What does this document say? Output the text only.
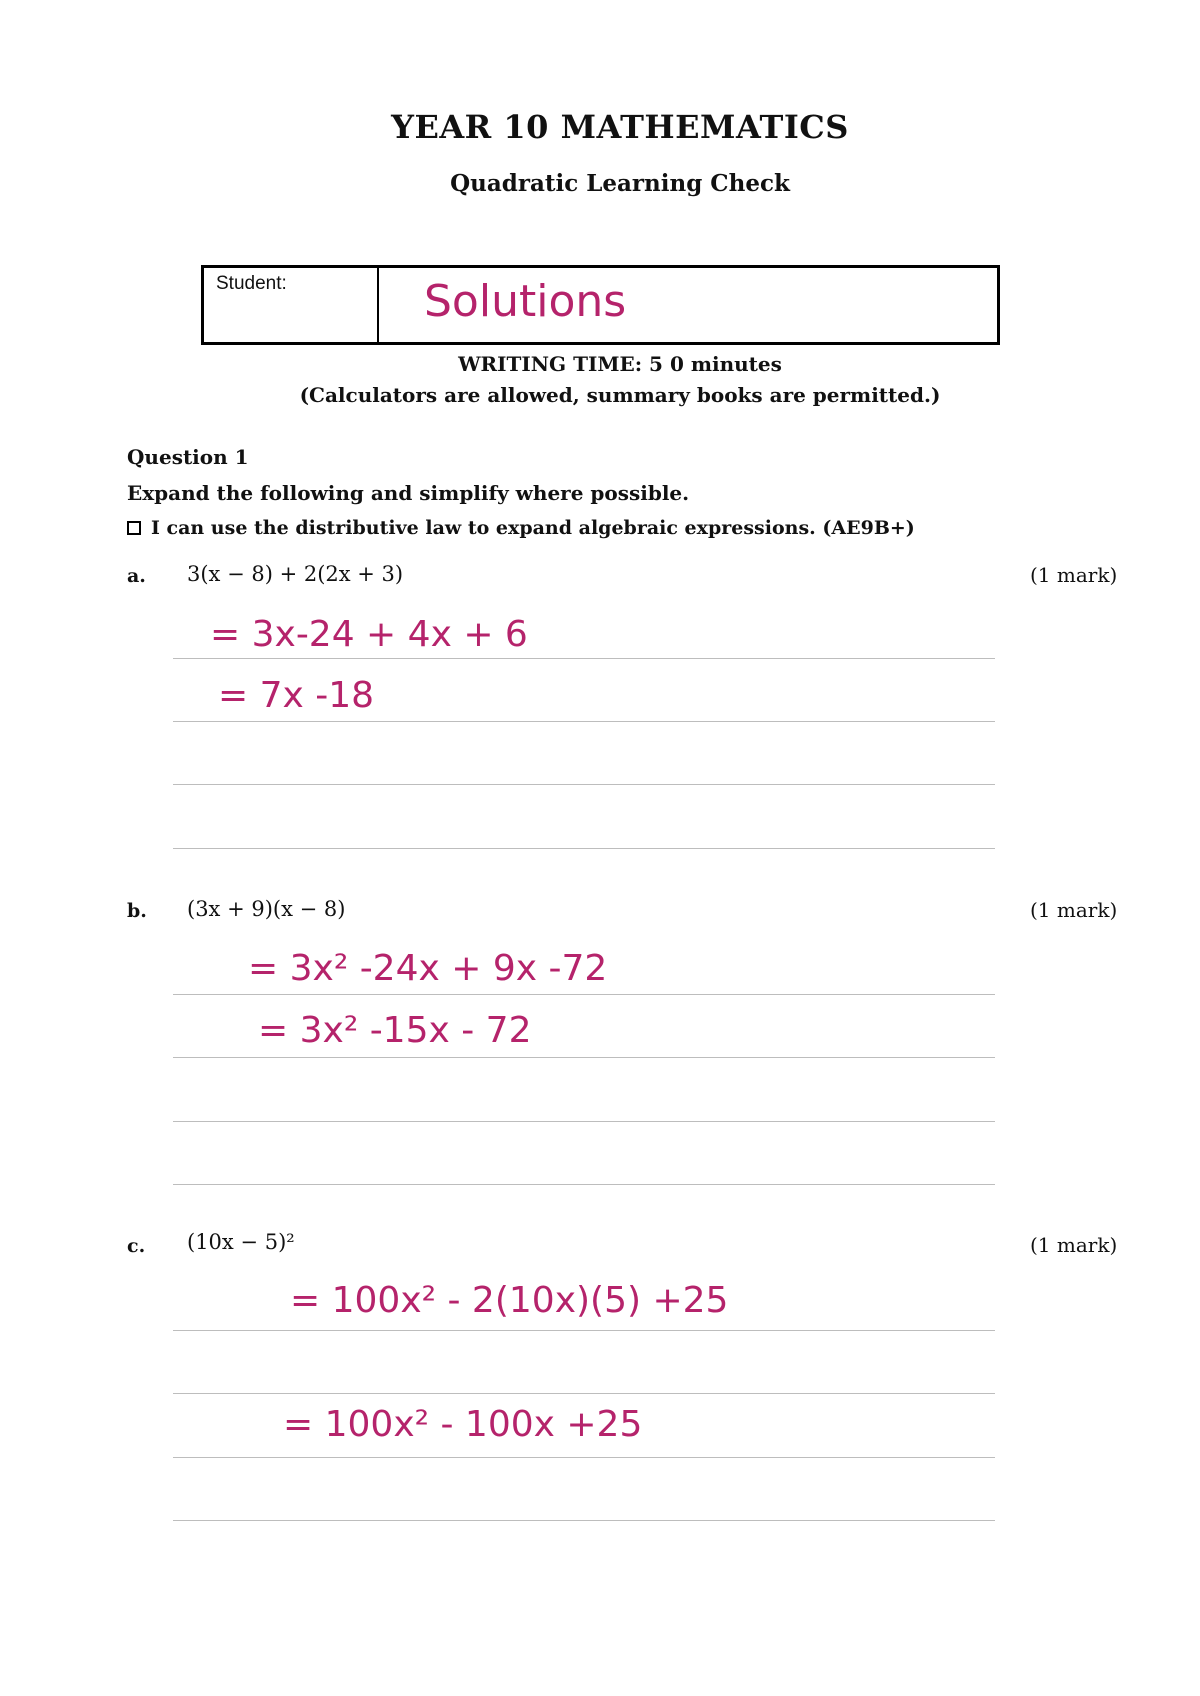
YEAR 10 MATHEMATICS
Quadratic Learning Check
Student:	Solutions
WRITING TIME: 5 0 minutes
(Calculators are allowed, summary books are permitted.)
Question 1
Expand the following and simplify where possible.
I can use the distributive law to expand algebraic expressions. (AE9B+)
a. 3(x − 8) + 2(2x + 3)	(1 mark)
= 3x-24 + 4x + 6
= 7x -18
b. (3x + 9)(x − 8)	(1 mark)
= 3x² -24x + 9x -72
= 3x² -15x - 72
c. (10x − 5)²	(1 mark)
= 100x² - 2(10x)(5) +25
= 100x² - 100x +25
